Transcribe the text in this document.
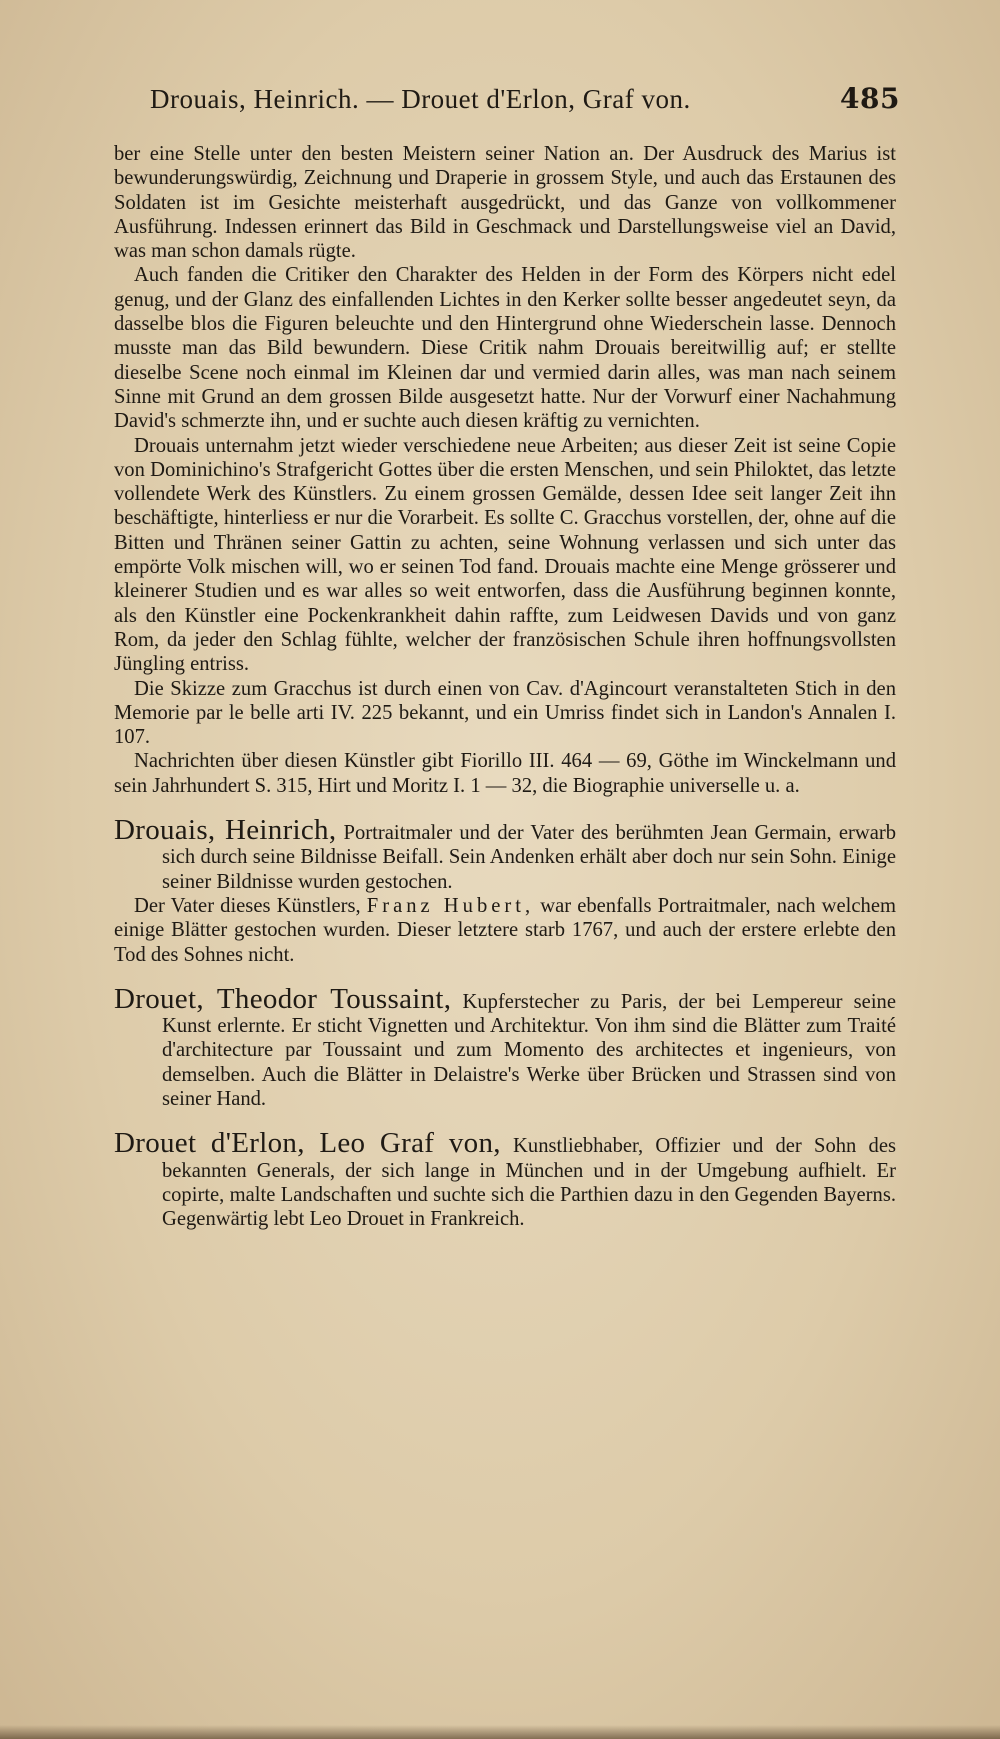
Drouais, Heinrich. — Drouet d'Erlon, Graf von.	485

ber eine Stelle unter den besten Meistern seiner Nation an. Der Ausdruck des Marius ist bewunderungswürdig, Zeichnung und Draperie in grossem Style, und auch das Erstaunen des Soldaten ist im Gesichte meisterhaft ausgedrückt, und das Ganze von vollkommener Ausführung. Indessen erinnert das Bild in Geschmack und Darstellungsweise viel an David, was man schon damals rügte.

Auch fanden die Critiker den Charakter des Helden in der Form des Körpers nicht edel genug, und der Glanz des einfallenden Lichtes in den Kerker sollte besser angedeutet seyn, da dasselbe blos die Figuren beleuchte und den Hintergrund ohne Wiederschein lasse. Dennoch musste man das Bild bewundern. Diese Critik nahm Drouais bereitwillig auf; er stellte dieselbe Scene noch einmal im Kleinen dar und vermied darin alles, was man nach seinem Sinne mit Grund an dem grossen Bilde ausgesetzt hatte. Nur der Vorwurf einer Nachahmung David's schmerzte ihn, und er suchte auch diesen kräftig zu vernichten.

Drouais unternahm jetzt wieder verschiedene neue Arbeiten; aus dieser Zeit ist seine Copie von Dominichino's Strafgericht Gottes über die ersten Menschen, und sein Philoktet, das letzte vollendete Werk des Künstlers. Zu einem grossen Gemälde, dessen Idee seit langer Zeit ihn beschäftigte, hinterliess er nur die Vorarbeit. Es sollte C. Gracchus vorstellen, der, ohne auf die Bitten und Thränen seiner Gattin zu achten, seine Wohnung verlassen und sich unter das empörte Volk mischen will, wo er seinen Tod fand. Drouais machte eine Menge grösserer und kleinerer Studien und es war alles so weit entworfen, dass die Ausführung beginnen konnte, als den Künstler eine Pockenkrankheit dahin raffte, zum Leidwesen Davids und von ganz Rom, da jeder den Schlag fühlte, welcher der französischen Schule ihren hoffnungsvollsten Jüngling entriss.

Die Skizze zum Gracchus ist durch einen von Cav. d'Agincourt veranstalteten Stich in den Memorie par le belle arti IV. 225 bekannt, und ein Umriss findet sich in Landon's Annalen I. 107.

Nachrichten über diesen Künstler gibt Fiorillo III. 464 — 69, Göthe im Winckelmann und sein Jahrhundert S. 315, Hirt und Moritz I. 1 — 32, die Biographie universelle u. a.

Drouais, Heinrich, Portraitmaler und der Vater des berühmten Jean Germain, erwarb sich durch seine Bildnisse Beifall. Sein Andenken erhält aber doch nur sein Sohn. Einige seiner Bildnisse wurden gestochen.

Der Vater dieses Künstlers, Franz Hubert, war ebenfalls Portraitmaler, nach welchem einige Blätter gestochen wurden. Dieser letztere starb 1767, und auch der erstere erlebte den Tod des Sohnes nicht.

Drouet, Theodor Toussaint, Kupferstecher zu Paris, der bei Lempereur seine Kunst erlernte. Er sticht Vignetten und Architektur. Von ihm sind die Blätter zum Traité d'architecture par Toussaint und zum Momento des architectes et ingenieurs, von demselben. Auch die Blätter in Delaistre's Werke über Brücken und Strassen sind von seiner Hand.

Drouet d'Erlon, Leo Graf von, Kunstliebhaber, Offizier und der Sohn des bekannten Generals, der sich lange in München und in der Umgebung aufhielt. Er copirte, malte Landschaften und suchte sich die Parthien dazu in den Gegenden Bayerns. Gegenwärtig lebt Leo Drouet in Frankreich.
